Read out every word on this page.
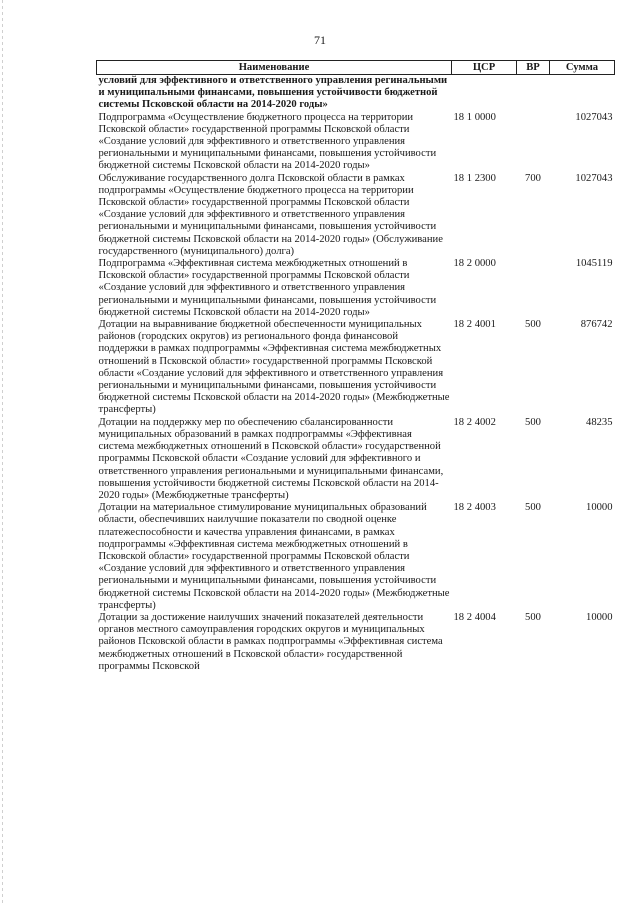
71
Наименование	ЦСР	ВР	Сумма
условий для эффективного и ответственного управления регинальными и муниципальными финансами, повышения устойчивости бюджетной системы Псковской области на 2014-2020 годы»			
Подпрограмма «Осуществление бюджетного процесса на территории Псковской области» государственной программы Псковской области «Создание условий для эффективного и ответственного управления региональными и муниципальными финансами, повышения устойчивости бюджетной системы Псковской области на 2014-2020 годы»	18 1 0000		1027043
Обслуживание государственного долга Псковской области в рамках подпрограммы «Осуществление бюджетного процесса на территории Псковской области» государственной программы Псковской области «Создание условий для эффективного и ответственного управления региональными и муниципальными финансами, повышения устойчивости бюджетной системы Псковской области на 2014-2020 годы» (Обслуживание государственного (муниципального) долга)	18 1 2300	700	1027043
Подпрограмма «Эффективная система межбюджетных отношений в Псковской области» государственной программы Псковской области «Создание условий для эффективного и ответственного управления региональными и муниципальными финансами, повышения устойчивости бюджетной системы Псковской области на 2014-2020 годы»	18 2 0000		1045119
Дотации на выравнивание бюджетной обеспеченности муниципальных районов (городских округов) из регионального фонда финансовой поддержки в рамках подпрограммы «Эффективная система межбюджетных отношений в Псковской области» государственной программы Псковской области «Создание условий для эффективного и ответственного управления региональными и муниципальными финансами, повышения устойчивости бюджетной системы Псковской области на 2014-2020 годы» (Межбюджетные трансферты)	18 2 4001	500	876742
Дотации на поддержку мер по обеспечению сбалансированности муниципальных образований в рамках подпрограммы «Эффективная система межбюджетных отношений в Псковской области» государственной программы Псковской области «Создание условий для эффективного и ответственного управления региональными и муниципальными финансами, повышения устойчивости бюджетной системы Псковской области на 2014-2020 годы» (Межбюджетные трансферты)	18 2 4002	500	48235
Дотации на материальное стимулирование муниципальных образований области, обеспечивших наилучшие показатели по сводной оценке платежеспособности и качества управления финансами, в рамках подпрограммы «Эффективная система межбюджетных отношений в Псковской области» государственной программы Псковской области «Создание условий для эффективного и ответственного управления региональными и муниципальными финансами, повышения устойчивости бюджетной системы Псковской области на 2014-2020 годы» (Межбюджетные трансферты)	18 2 4003	500	10000
Дотации за достижение наилучших значений показателей деятельности органов местного самоуправления городских округов и муниципальных районов Псковской области в рамках подпрограммы «Эффективная система межбюджетных отношений в Псковской области» государственной программы Псковской	18 2 4004	500	10000
